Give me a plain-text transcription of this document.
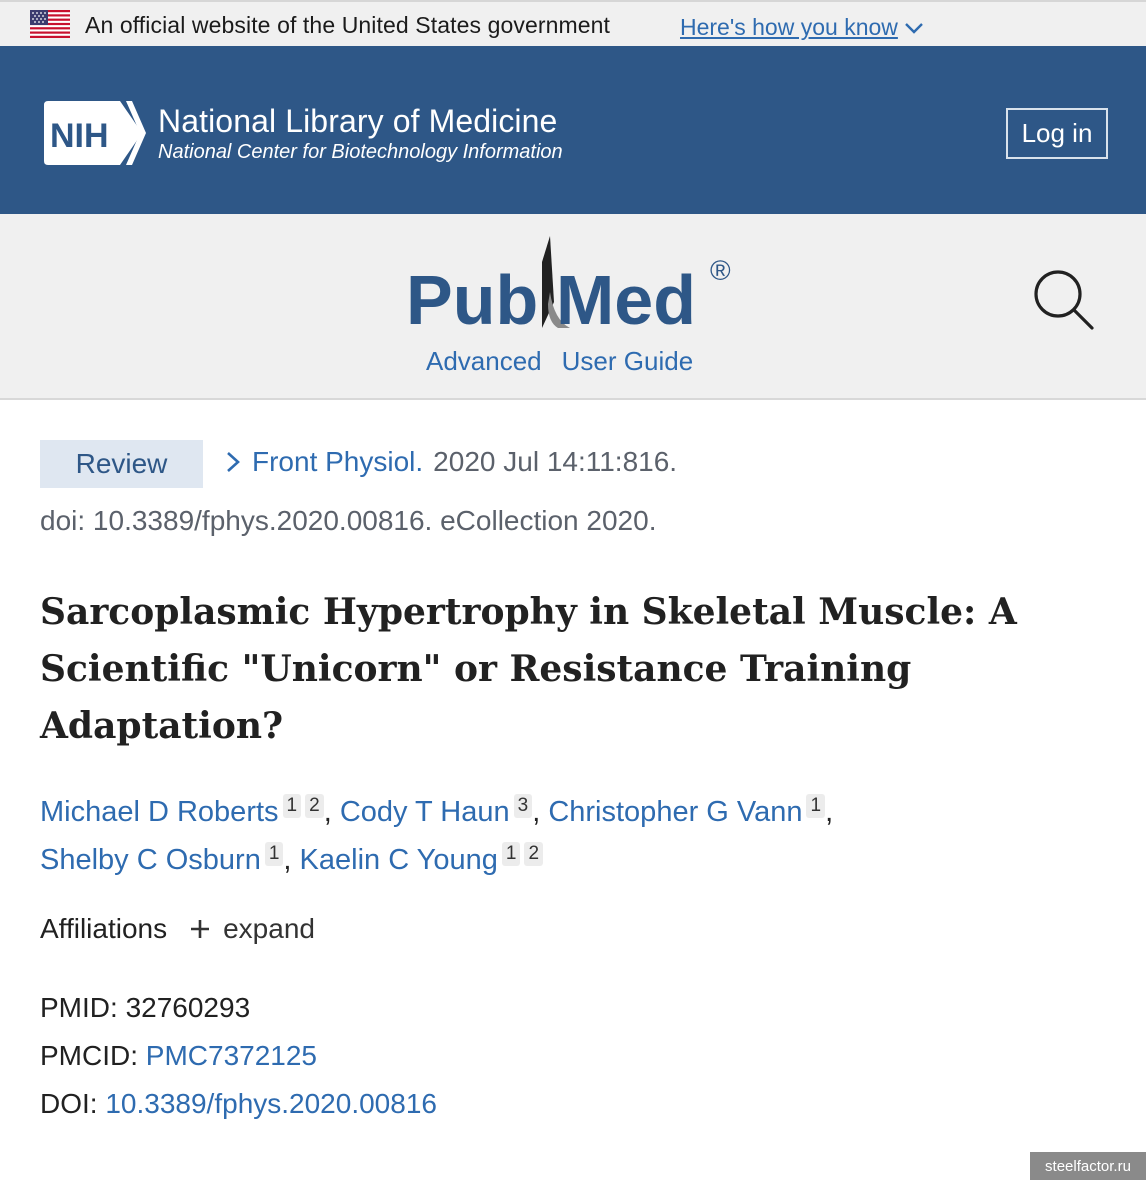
An official website of the United States government	Here's how you know
NIH National Library of Medicine
National Center for Biotechnology Information
Log in
Pub Med ®
Advanced User Guide
Review	Front Physiol. 2020 Jul 14:11:816.
doi: 10.3389/fphys.2020.00816. eCollection 2020.
Sarcoplasmic Hypertrophy in Skeletal Muscle: A Scientific "Unicorn" or Resistance Training Adaptation?
Michael D Roberts 1 2 , Cody T Haun 3 , Christopher G Vann 1 ,
Shelby C Osburn 1 , Kaelin C Young 1 2
Affiliations expand
PMID: 32760293
PMCID: PMC7372125
DOI: 10.3389/fphys.2020.00816
steelfactor.ru
